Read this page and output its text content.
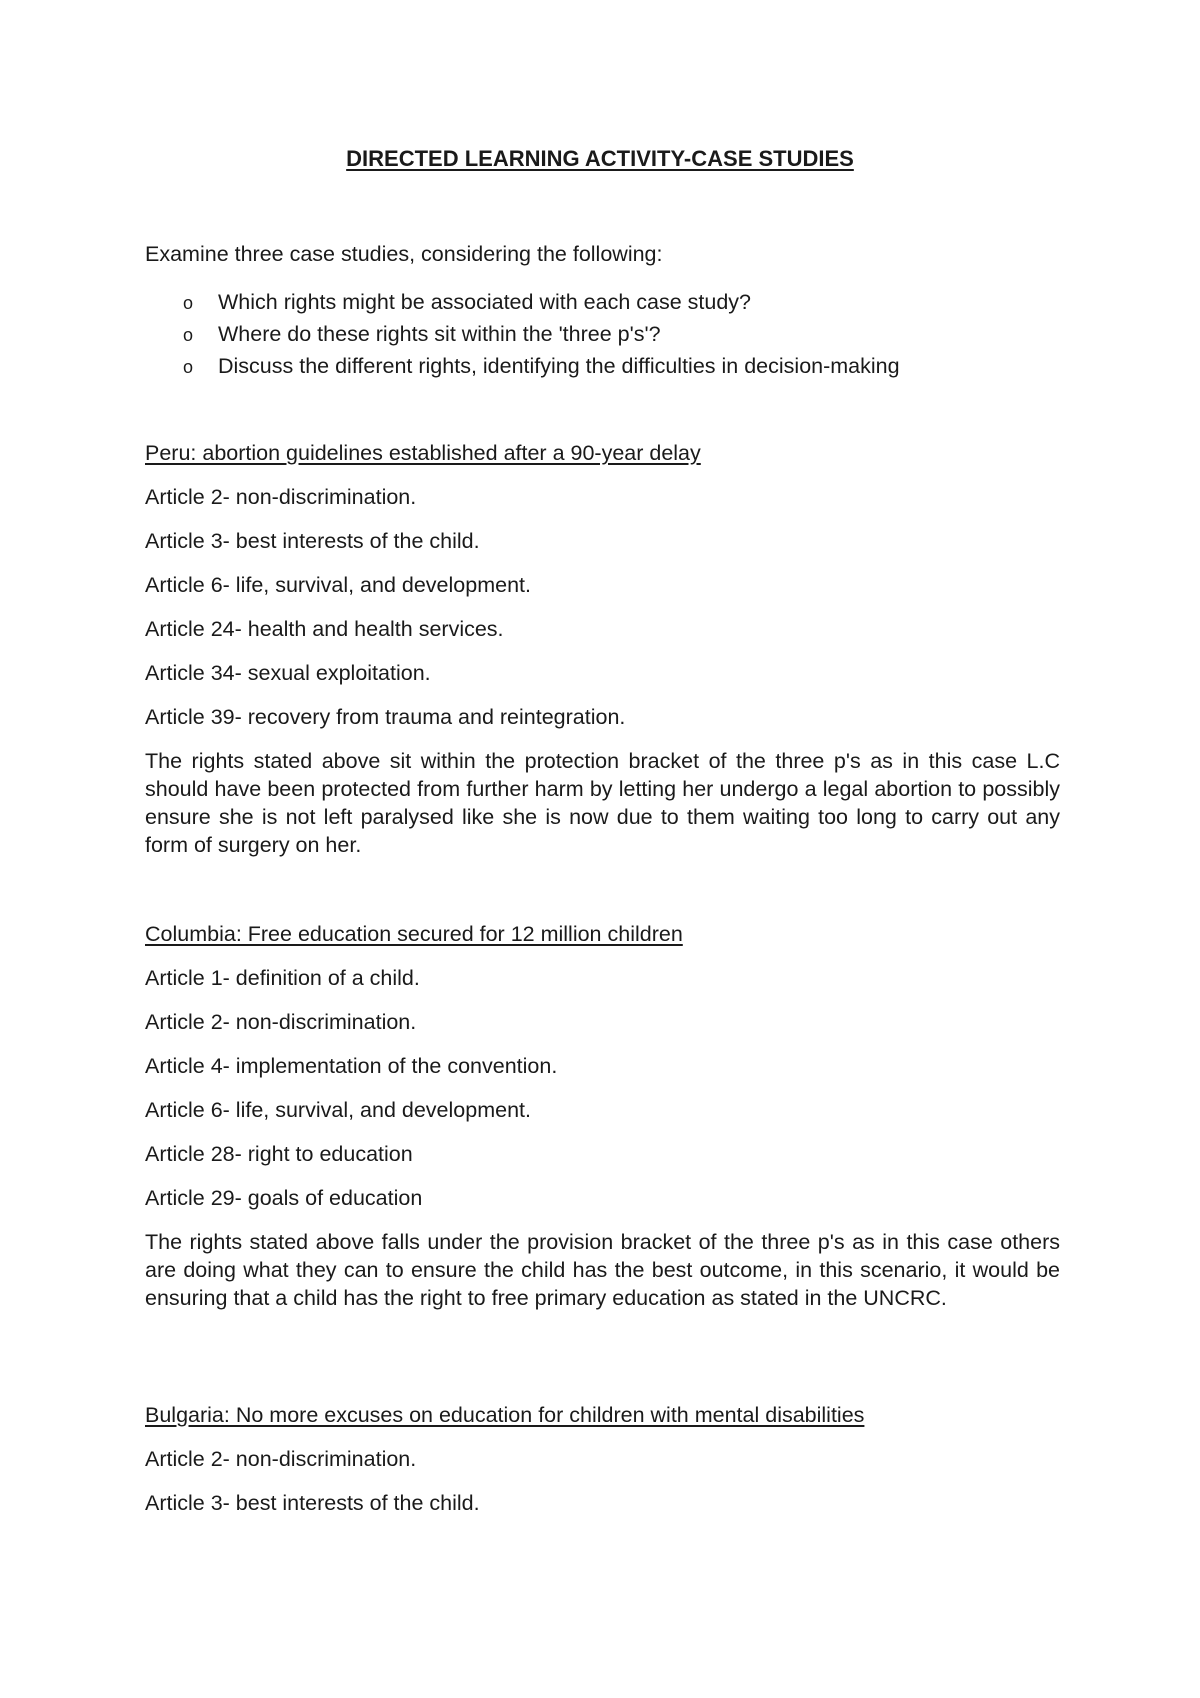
DIRECTED LEARNING ACTIVITY-CASE STUDIES

Examine three case studies, considering the following:

o Which rights might be associated with each case study?
o Where do these rights sit within the 'three p's'?
o Discuss the different rights, identifying the difficulties in decision-making
Peru: abortion guidelines established after a 90-year delay
Article 2- non-discrimination.
Article 3- best interests of the child.
Article 6- life, survival, and development.
Article 24- health and health services.
Article 34- sexual exploitation.
Article 39- recovery from trauma and reintegration.

The rights stated above sit within the protection bracket of the three p's as in this case L.C should have been protected from further harm by letting her undergo a legal abortion to possibly ensure she is not left paralysed like she is now due to them waiting too long to carry out any form of surgery on her.

Columbia: Free education secured for 12 million children
Article 1- definition of a child.
Article 2- non-discrimination.
Article 4- implementation of the convention.
Article 6- life, survival, and development.
Article 28- right to education
Article 29- goals of education

The rights stated above falls under the provision bracket of the three p's as in this case others are doing what they can to ensure the child has the best outcome, in this scenario, it would be ensuring that a child has the right to free primary education as stated in the UNCRC.

Bulgaria: No more excuses on education for children with mental disabilities
Article 2- non-discrimination.
Article 3- best interests of the child.
